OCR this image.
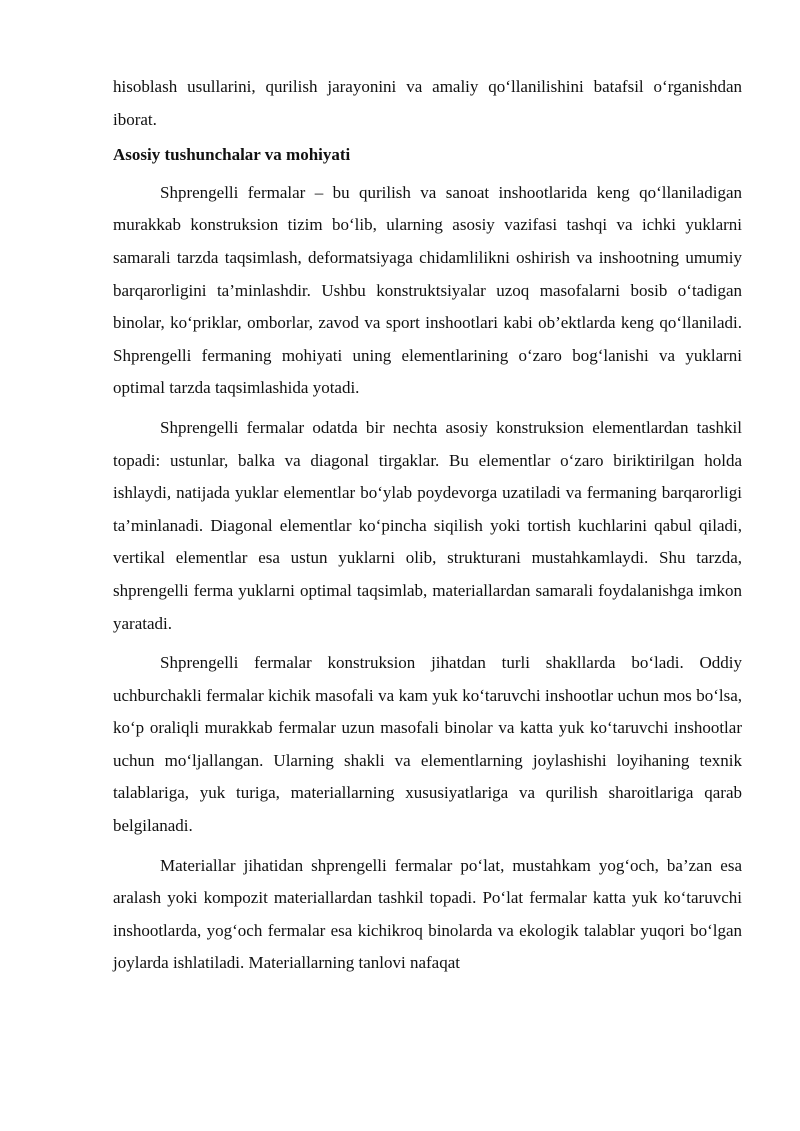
hisoblash usullarini, qurilish jarayonini va amaliy qo‘llanilishini batafsil o‘rganishdan iborat.

Asosiy tushunchalar va mohiyati

Shprengelli fermalar – bu qurilish va sanoat inshootlarida keng qo‘llaniladigan murakkab konstruksion tizim bo‘lib, ularning asosiy vazifasi tashqi va ichki yuklarni samarali tarzda taqsimlash, deformatsiyaga chidamlilikni oshirish va inshootning umumiy barqarorligini ta’minlashdir. Ushbu konstruktsiyalar uzoq masofalarni bosib o‘tadigan binolar, ko‘priklar, omborlar, zavod va sport inshootlari kabi ob’ektlarda keng qo‘llaniladi. Shprengelli fermaning mohiyati uning elementlarining o‘zaro bog‘lanishi va yuklarni optimal tarzda taqsimlashida yotadi.

Shprengelli fermalar odatda bir nechta asosiy konstruksion elementlardan tashkil topadi: ustunlar, balka va diagonal tirgaklar. Bu elementlar o‘zaro biriktirilgan holda ishlaydi, natijada yuklar elementlar bo‘ylab poydevorga uzatiladi va fermaning barqarorligi ta’minlanadi. Diagonal elementlar ko‘pincha siqilish yoki tortish kuchlarini qabul qiladi, vertikal elementlar esa ustun yuklarni olib, strukturani mustahkamlaydi. Shu tarzda, shprengelli ferma yuklarni optimal taqsimlab, materiallardan samarali foydalanishga imkon yaratadi.

Shprengelli fermalar konstruksion jihatdan turli shakllarda bo‘ladi. Oddiy uchburchakli fermalar kichik masofali va kam yuk ko‘taruvchi inshootlar uchun mos bo‘lsa, ko‘p oraliqli murakkab fermalar uzun masofali binolar va katta yuk ko‘taruvchi inshootlar uchun mo‘ljallangan. Ularning shakli va elementlarning joylashishi loyihaning texnik talablariga, yuk turiga, materiallarning xususiyatlariga va qurilish sharoitlariga qarab belgilanadi.

Materiallar jihatidan shprengelli fermalar po‘lat, mustahkam yog‘och, ba’zan esa aralash yoki kompozit materiallardan tashkil topadi. Po‘lat fermalar katta yuk ko‘taruvchi inshootlarda, yog‘och fermalar esa kichikroq binolarda va ekologik talablar yuqori bo‘lgan joylarda ishlatiladi. Materiallarning tanlovi nafaqat
